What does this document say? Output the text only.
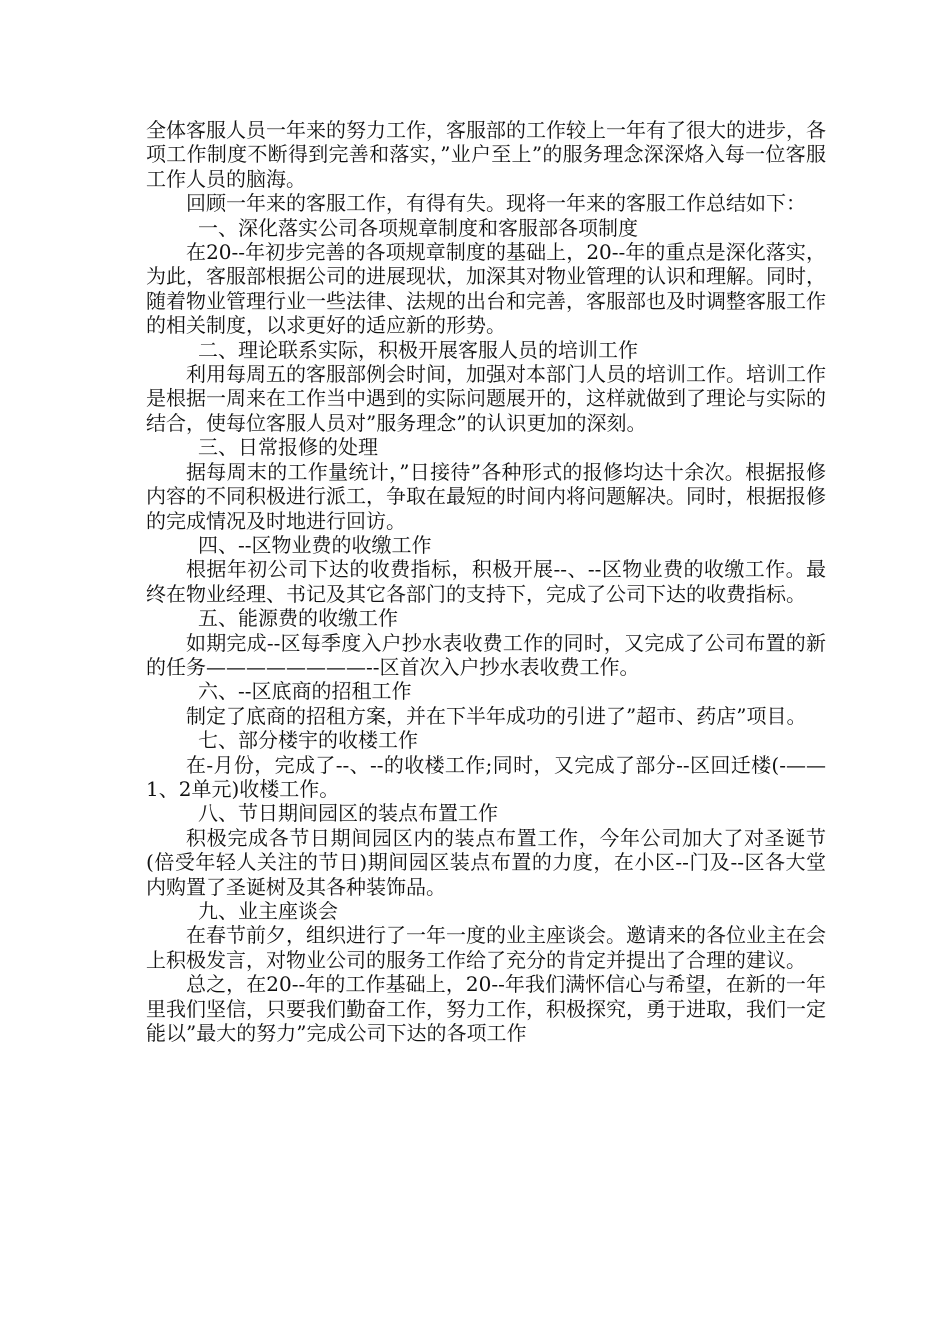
全体客服人员一年来的努力工作，客服部的工作较上一年有了很大的进步，各项工作制度不断得到完善和落实，”业户至上”的服务理念深深烙入每一位客服工作人员的脑海。

回顾一年来的客服工作，有得有失。现将一年来的客服工作总结如下：

一、深化落实公司各项规章制度和客服部各项制度

在20--年初步完善的各项规章制度的基础上，20--年的重点是深化落实，为此，客服部根据公司的进展现状，加深其对物业管理的认识和理解。同时，随着物业管理行业一些法律、法规的出台和完善，客服部也及时调整客服工作的相关制度，以求更好的适应新的形势。

二、理论联系实际，积极开展客服人员的培训工作

利用每周五的客服部例会时间，加强对本部门人员的培训工作。培训工作是根据一周来在工作当中遇到的实际问题展开的，这样就做到了理论与实际的结合，使每位客服人员对”服务理念”的认识更加的深刻。

三、日常报修的处理

据每周末的工作量统计，”日接待”各种形式的报修均达十余次。根据报修内容的不同积极进行派工，争取在最短的时间内将问题解决。同时，根据报修的完成情况及时地进行回访。

四、--区物业费的收缴工作

根据年初公司下达的收费指标，积极开展--、--区物业费的收缴工作。最终在物业经理、书记及其它各部门的支持下，完成了公司下达的收费指标。

五、能源费的收缴工作

如期完成--区每季度入户抄水表收费工作的同时，又完成了公司布置的新的任务————————--区首次入户抄水表收费工作。

六、--区底商的招租工作

制定了底商的招租方案，并在下半年成功的引进了”超市、药店”项目。

七、部分楼宇的收楼工作

在-月份，完成了--、--的收楼工作;同时，又完成了部分--区回迁楼(-——1、2单元)收楼工作。

八、节日期间园区的装点布置工作

积极完成各节日期间园区内的装点布置工作，今年公司加大了对圣诞节(倍受年轻人关注的节日)期间园区装点布置的力度，在小区--门及--区各大堂内购置了圣诞树及其各种装饰品。

九、业主座谈会

在春节前夕，组织进行了一年一度的业主座谈会。邀请来的各位业主在会上积极发言，对物业公司的服务工作给了充分的肯定并提出了合理的建议。

总之，在20--年的工作基础上，20--年我们满怀信心与希望，在新的一年里我们坚信，只要我们勤奋工作，努力工作，积极探究，勇于进取，我们一定能以”最大的努力”完成公司下达的各项工作
